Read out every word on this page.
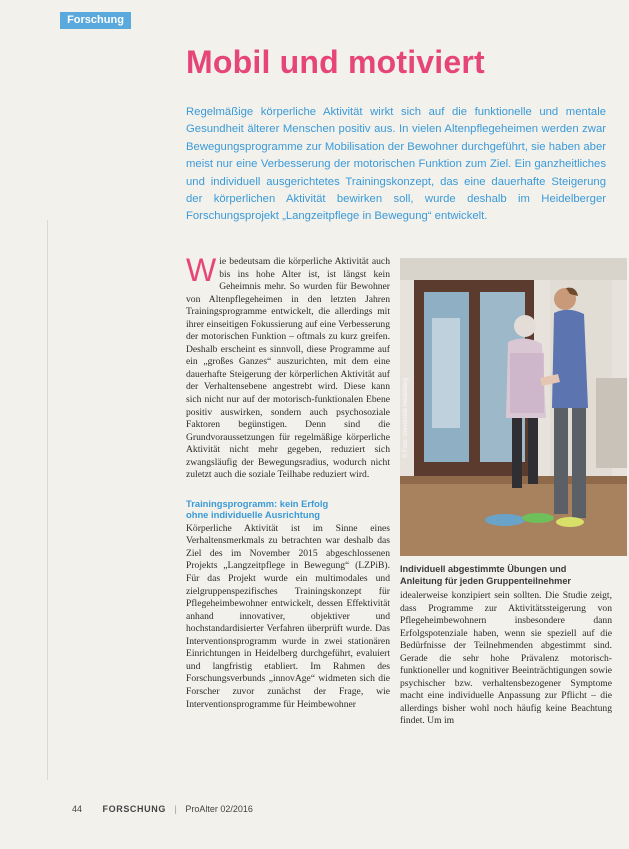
Forschung
Mobil und motiviert

Regelmäßige körperliche Aktivität wirkt sich auf die funktionelle und mentale Gesundheit älterer Menschen positiv aus. In vielen Altenpflegeheimen werden zwar Bewegungsprogramme zur Mobilisation der Bewohner durchgeführt, sie haben aber meist nur eine Verbesserung der motorischen Funktion zum Ziel. Ein ganzheitliches und individuell ausgerichtetes Trainingskonzept, das eine dauerhafte Steigerung der körperlichen Aktivität bewirken soll, wurde deshalb im Heidelberger Forschungsprojekt „Langzeitpflege in Bewegung“ entwickelt.

Wie bedeutsam die körperliche Aktivität auch bis ins hohe Alter ist, ist längst kein Geheimnis mehr. So wurden für Bewohner von Altenpflegeheimen in den letzten Jahren Trainingsprogramme entwickelt, die allerdings mit ihrer einseitigen Fokussierung auf eine Verbesserung der motorischen Funktion – oftmals zu kurz greifen. Deshalb erscheint es sinnvoll, diese Programme auf ein „großes Ganzes“ auszurichten, mit dem eine dauerhafte Steigerung der körperlichen Aktivität auf der Verhaltensebene angestrebt wird. Diese kann sich nicht nur auf der motorisch-funktionalen Ebene positiv auswirken, sondern auch psychosoziale Faktoren begünstigen. Denn sind die Grundvoraussetzungen für regelmäßige körperliche Aktivität nicht mehr gegeben, reduziert sich zwangsläufig der Bewegungsradius, wodurch nicht zuletzt auch die soziale Teilhabe reduziert wird.

Trainingsprogramm: kein Erfolg
ohne individuelle Ausrichtung

Körperliche Aktivität ist im Sinne eines Verhaltensmerkmals zu betrachten war deshalb das Ziel des im November 2015 abgeschlossenen Projekts „Langzeitpflege in Bewegung“ (LZPiB). Für das Projekt wurde ein multimodales und zielgruppenspezifisches Trainingskonzept für Pflegeheimbewohner entwickelt, dessen Effektivität anhand innovativer, objektiver und hochstandardisierter Verfahren überprüft wurde. Das Interventionsprogramm wurde in zwei stationären Einrichtungen in Heidelberg durchgeführt, evaluiert und langfristig etabliert. Im Rahmen des Forschungsverbunds „innovAge“ widmeten sich die Forscher zuvor zunächst der Frage, wie Interventionsprogramme für Heimbewohner

© Foto: Universität Heidelberg

Individuell abgestimmte Übungen und
Anleitung für jeden Gruppenteilnehmer

idealerweise konzipiert sein sollten. Die Studie zeigt, dass Programme zur Aktivitätssteigerung von Pflegeheimbewohnern insbesondere dann Erfolgspotenziale haben, wenn sie speziell auf die Bedürfnisse der Teilnehmenden abgestimmt sind. Gerade die sehr hohe Prävalenz motorisch-funktioneller und kognitiver Beeinträchtigungen sowie psychischer bzw. verhaltensbezogener Symptome macht eine individuelle Anpassung zur Pflicht – die allerdings bisher wohl noch häufig keine Beachtung findet. Um im

44 FORSCHUNG | ProAlter 02/2016
